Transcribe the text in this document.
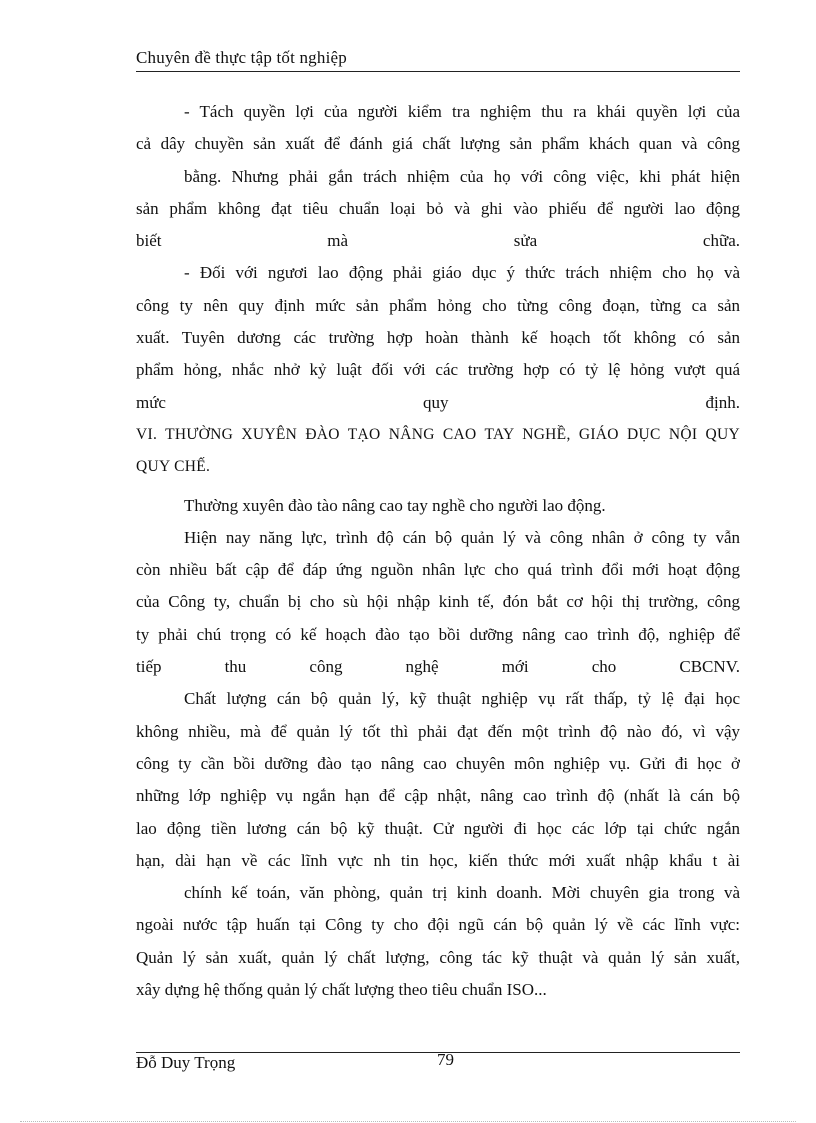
Chuyên đề thực tập tốt nghiệp
- Tách quyền lợi của người kiểm tra nghiệm thu ra khái quyền lợi của
cả dây chuyền sản xuất để đánh giá chất lượng sản phẩm khách quan và công
bằng. Nhưng phải gắn trách nhiệm của họ với công việc, khi phát hiện
sản phẩm không đạt tiêu chuẩn loại bỏ và ghi vào phiếu để người lao động
biết mà sửa chữa.
- Đối với ngươi lao động phải giáo dục ý thức trách nhiệm cho họ và
công ty nên quy định mức sản phẩm hỏng cho từng công đoạn, từng ca sản
xuất. Tuyên dương các trường hợp hoàn thành kế hoạch tốt không có sản
phẩm hỏng, nhắc nhở kỷ luật đối với các trường hợp có tỷ lệ hỏng vượt quá
mức quy định.
VI. THƯỜNG XUYÊN ĐÀO TẠO NÂNG CAO TAY NGHỀ, GIÁO DỤC NỘI QUY
QUY CHẾ.
Thường xuyên đào tào nâng cao tay nghề cho người lao động.
Hiện nay năng lực, trình độ cán bộ quản lý và công nhân ở công ty vẫn
còn nhiều bất cập để đáp ứng nguồn nhân lực cho quá trình đổi mới hoạt động
của Công ty, chuẩn bị cho sù hội nhập kinh tế, đón bắt cơ hội thị trường, công
ty phải chú trọng có kế hoạch đào tạo bồi dưỡng nâng cao trình độ, nghiệp để
tiếp thu công nghệ mới cho CBCNV.
Chất lượng cán bộ quản lý, kỹ thuật nghiệp vụ rất thấp, tỷ lệ đại học
không nhiều, mà để quản lý tốt thì phải đạt đến một trình độ nào đó, vì vậy
công ty cần bồi dưỡng đào tạo nâng cao chuyên môn nghiệp vụ. Gửi đi học ở
những lớp nghiệp vụ ngắn hạn để cập nhật, nâng cao trình độ (nhất là cán bộ
lao động tiền lương cán bộ kỹ thuật. Cử người đi học các lớp tại chức ngắn
hạn, dài hạn về các lĩnh vực nh tin học, kiến thức mới xuất nhập khẩu t ài
chính kế toán, văn phòng, quản trị kinh doanh. Mời chuyên gia trong và
ngoài nước tập huấn tại Công ty cho đội ngũ cán bộ quản lý về các lĩnh vực:
Quản lý sản xuất, quản lý chất lượng, công tác kỹ thuật và quản lý sản xuất,
xây dựng hệ thống quản lý chất lượng theo tiêu chuẩn ISO...
Đỗ Duy Trọng	79
